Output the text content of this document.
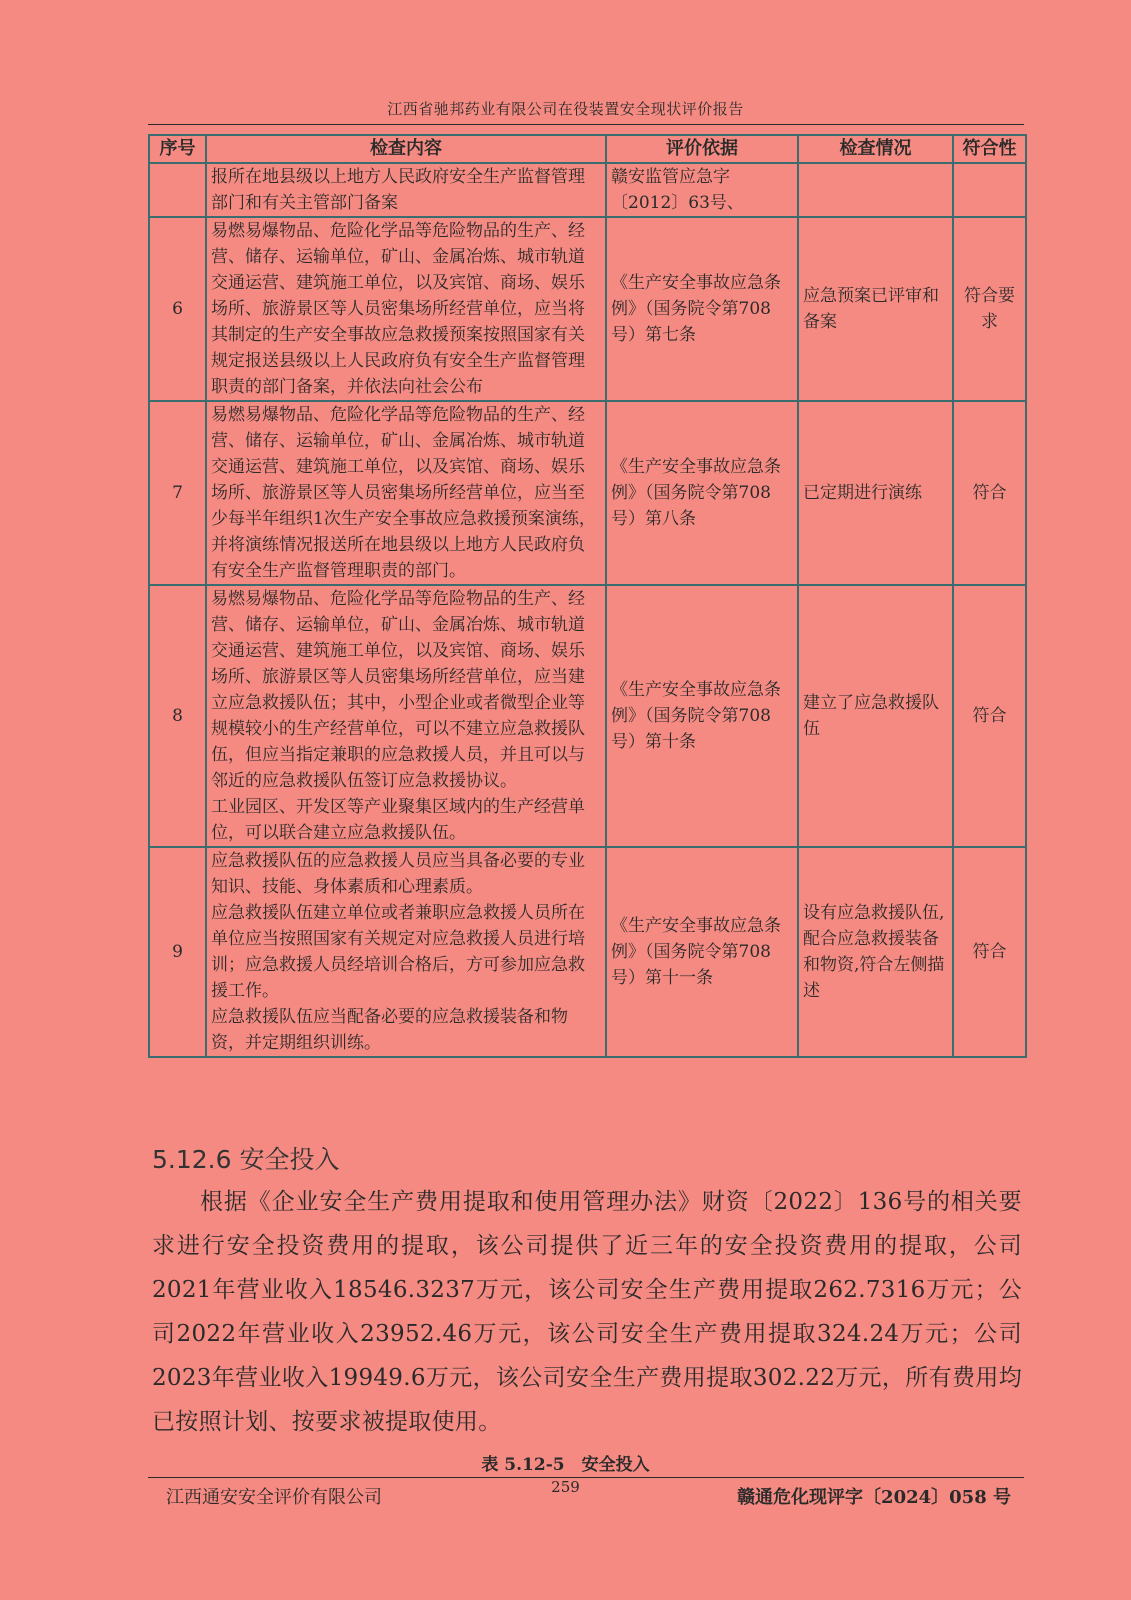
江西省驰邦药业有限公司在役装置安全现状评价报告
序号	检查内容	评价依据	检查情况	符合性

	报所在地县级以上地方人民政府安全生产监督管理部门和有关主管部门备案	赣安监管应急字〔2012〕63号、		
6	易燃易爆物品、危险化学品等危险物品的生产、经营、储存、运输单位，矿山、金属冶炼、城市轨道交通运营、建筑施工单位，以及宾馆、商场、娱乐场所、旅游景区等人员密集场所经营单位，应当将其制定的生产安全事故应急救援预案按照国家有关规定报送县级以上人民政府负有安全生产监督管理职责的部门备案，并依法向社会公布	《生产安全事故应急条例》（国务院令第708号）第七条	应急预案已评审和备案	符合要求
7	易燃易爆物品、危险化学品等危险物品的生产、经营、储存、运输单位，矿山、金属冶炼、城市轨道交通运营、建筑施工单位，以及宾馆、商场、娱乐场所、旅游景区等人员密集场所经营单位，应当至少每半年组织1次生产安全事故应急救援预案演练，并将演练情况报送所在地县级以上地方人民政府负有安全生产监督管理职责的部门。	《生产安全事故应急条例》（国务院令第708号）第八条	已定期进行演练	符合
8	易燃易爆物品、危险化学品等危险物品的生产、经营、储存、运输单位，矿山、金属冶炼、城市轨道交通运营、建筑施工单位，以及宾馆、商场、娱乐场所、旅游景区等人员密集场所经营单位，应当建立应急救援队伍；其中，小型企业或者微型企业等规模较小的生产经营单位，可以不建立应急救援队伍，但应当指定兼职的应急救援人员，并且可以与邻近的应急救援队伍签订应急救援协议。
工业园区、开发区等产业聚集区域内的生产经营单位，可以联合建立应急救援队伍。	《生产安全事故应急条例》（国务院令第708号）第十条	建立了应急救援队伍	符合
9	应急救援队伍的应急救援人员应当具备必要的专业知识、技能、身体素质和心理素质。
应急救援队伍建立单位或者兼职应急救援人员所在单位应当按照国家有关规定对应急救援人员进行培训；应急救援人员经培训合格后，方可参加应急救援工作。
应急救援队伍应当配备必要的应急救援装备和物资，并定期组织训练。	《生产安全事故应急条例》（国务院令第708号）第十一条	设有应急救援队伍,配合应急救援装备和物资,符合左侧描述	符合
5.12.6 安全投入
根据《企业安全生产费用提取和使用管理办法》财资〔2022〕136号的相关要求进行安全投资费用的提取，该公司提供了近三年的安全投资费用的提取，公司2021年营业收入18546.3237万元，该公司安全生产费用提取262.7316万元；公司2022年营业收入23952.46万元，该公司安全生产费用提取324.24万元；公司2023年营业收入19949.6万元，该公司安全生产费用提取302.22万元，所有费用均已按照计划、按要求被提取使用。
表 5.12-5　安全投入
江西通安安全评价有限公司	259	赣通危化现评字〔2024〕058 号
